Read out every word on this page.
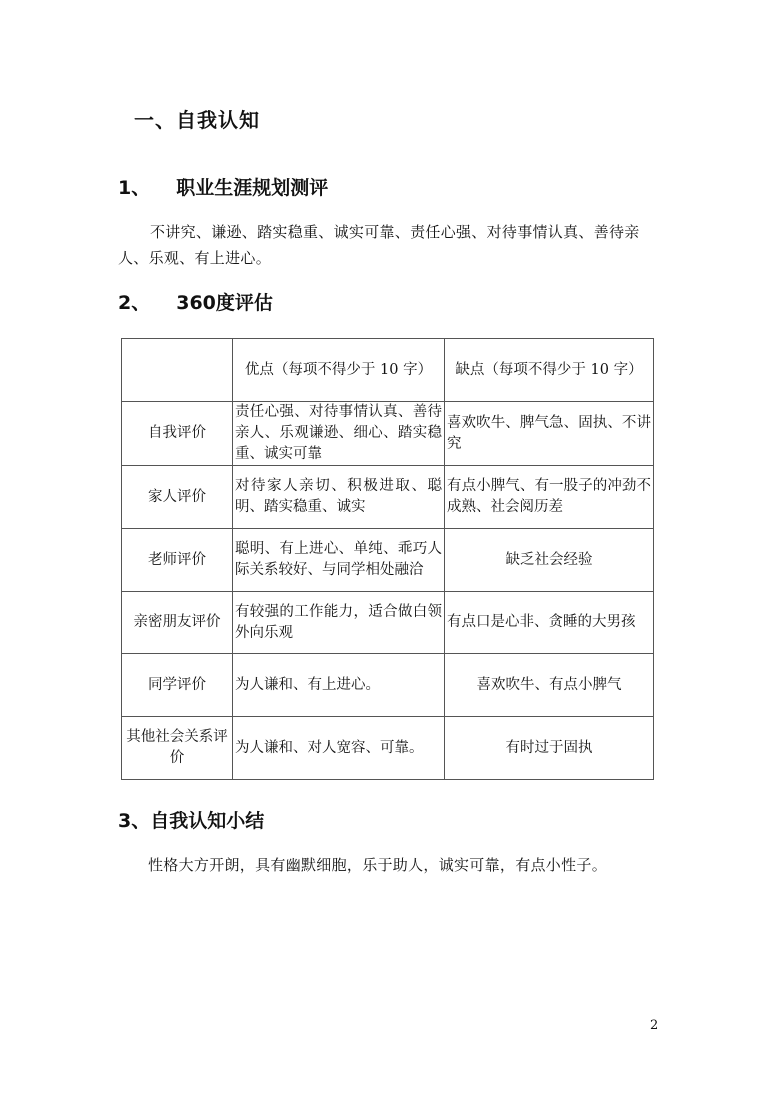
一、自我认知
1、 职业生涯规划测评
不讲究、谦逊、踏实稳重、诚实可靠、责任心强、对待事情认真、善待亲人、乐观、有上进心。
2、 360度评估
	优点（每项不得少于 10 字）	缺点（每项不得少于 10 字）
自我评价	责任心强、对待事情认真、善待亲人、乐观谦逊、细心、踏实稳重、诚实可靠	喜欢吹牛、脾气急、固执、不讲究
家人评价	对待家人亲切、积极进取、聪明、踏实稳重、诚实	有点小脾气、有一股子的冲劲不成熟、社会阅历差
老师评价	聪明、有上进心、单纯、乖巧人际关系较好、与同学相处融洽	缺乏社会经验
亲密朋友评价	有较强的工作能力，适合做白领外向乐观	有点口是心非、贪睡的大男孩
同学评价	为人谦和、有上进心。	喜欢吹牛、有点小脾气
其他社会关系评价	为人谦和、对人宽容、可靠。	有时过于固执
3、自我认知小结
性格大方开朗，具有幽默细胞，乐于助人，诚实可靠，有点小性子。
2
